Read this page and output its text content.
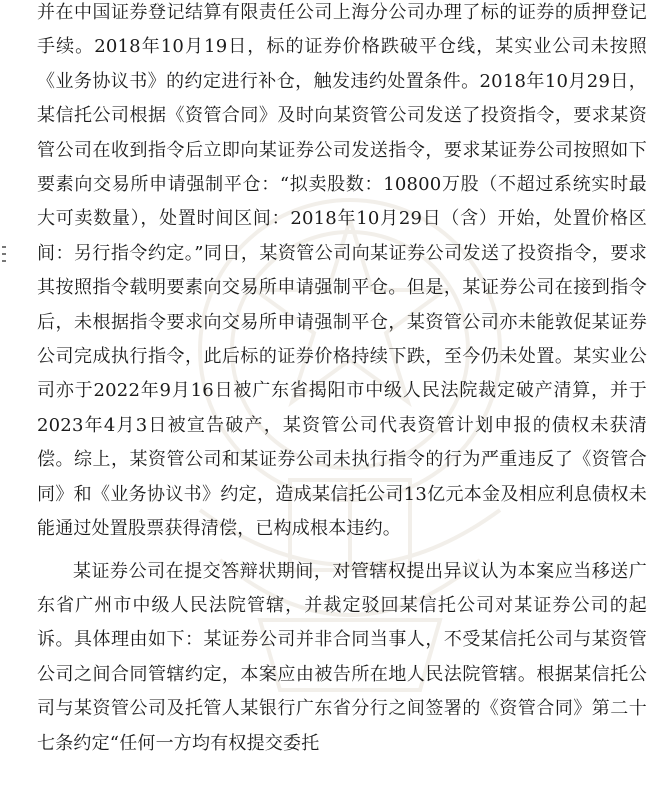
并在中国证券登记结算有限责任公司上海分公司办理了标的证券的质押登记手续。2018年10月19日，标的证券价格跌破平仓线，某实业公司未按照《业务协议书》的约定进行补仓，触发违约处置条件。2018年10月29日，某信托公司根据《资管合同》及时向某资管公司发送了投资指令，要求某资管公司在收到指令后立即向某证券公司发送指令，要求某证券公司按照如下要素向交易所申请强制平仓：“拟卖股数：10800万股（不超过系统实时最大可卖数量），处置时间区间：2018年10月29日（含）开始，处置价格区间：另行指令约定。”同日，某资管公司向某证券公司发送了投资指令，要求其按照指令载明要素向交易所申请强制平仓。但是，某证券公司在接到指令后，未根据指令要求向交易所申请强制平仓，某资管公司亦未能敦促某证券公司完成执行指令，此后标的证券价格持续下跌，至今仍未处置。某实业公司亦于2022年9月16日被广东省揭阳市中级人民法院裁定破产清算，并于2023年4月3日被宣告破产，某资管公司代表资管计划申报的债权未获清偿。综上，某资管公司和某证券公司未执行指令的行为严重违反了《资管合同》和《业务协议书》约定，造成某信托公司13亿元本金及相应利息债权未能通过处置股票获得清偿，已构成根本违约。

某证券公司在提交答辩状期间，对管辖权提出异议认为本案应当移送广东省广州市中级人民法院管辖，并裁定驳回某信托公司对某证券公司的起诉。具体理由如下：某证券公司并非合同当事人，不受某信托公司与某资管公司之间合同管辖约定，本案应由被告所在地人民法院管辖。根据某信托公司与某资管公司及托管人某银行广东省分行之间签署的《资管合同》第二十七条约定“任何一方均有权提交委托
